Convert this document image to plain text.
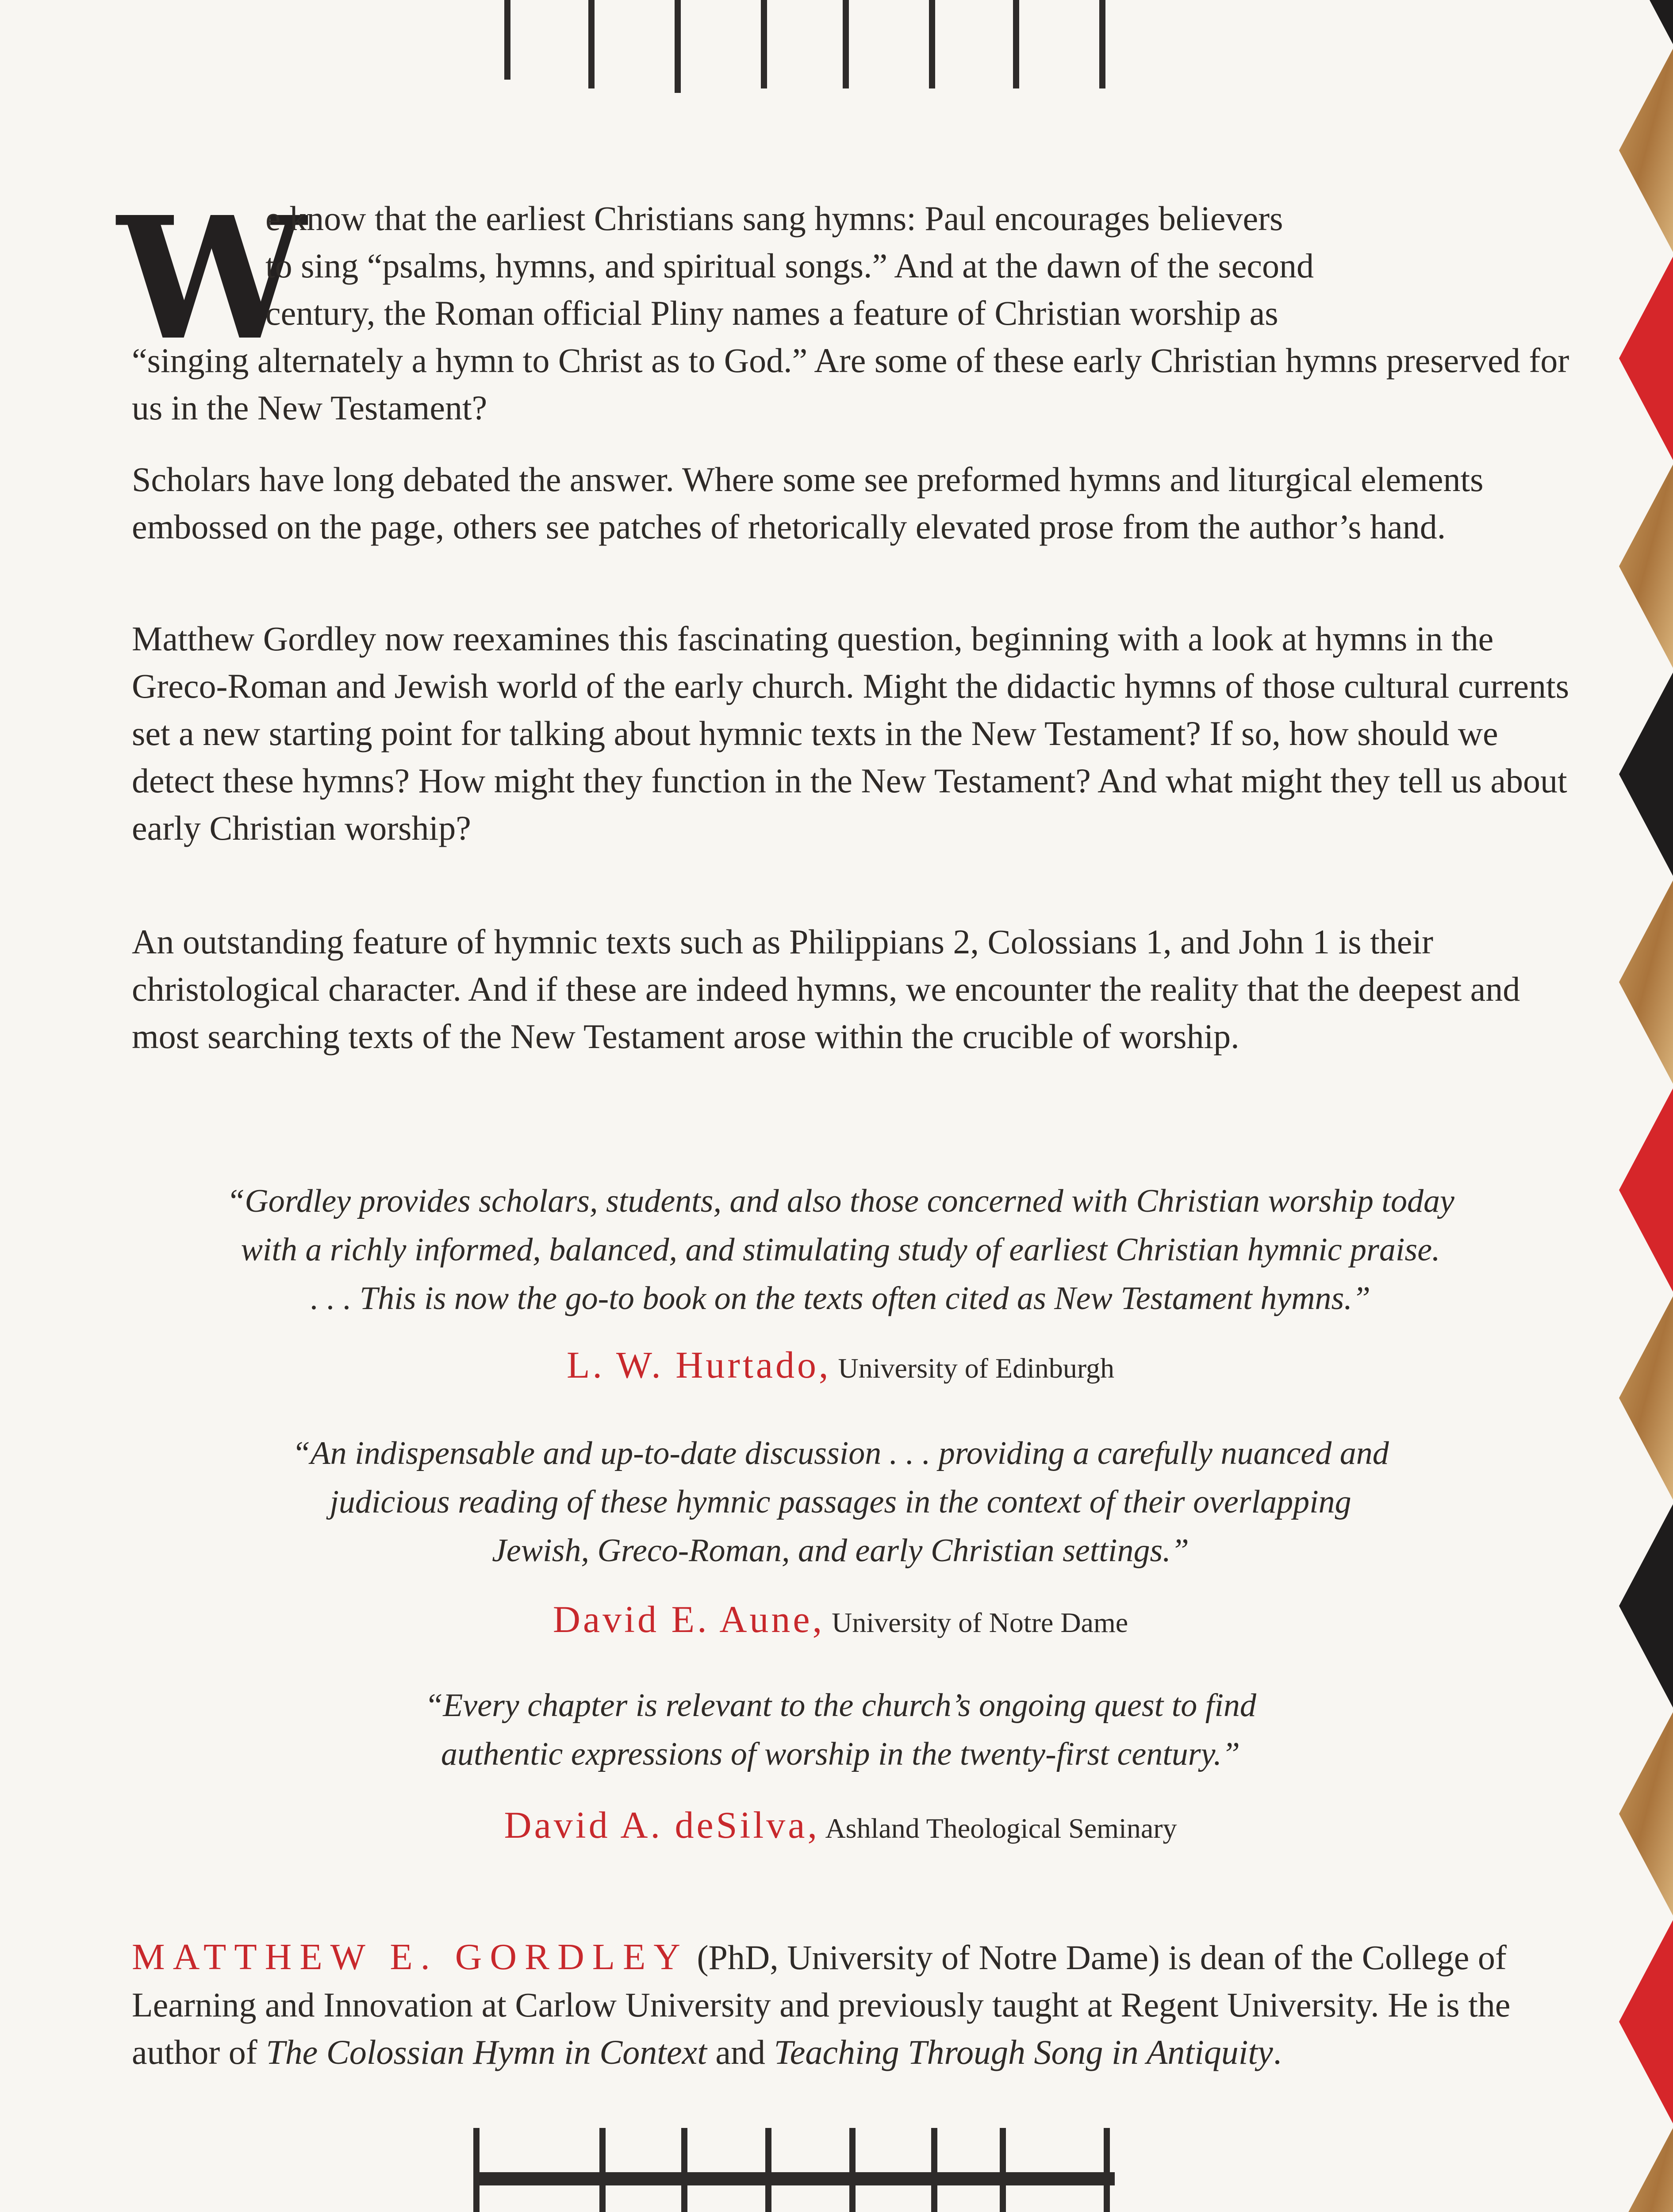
W

e know that the earliest Christians sang hymns: Paul encourages believers

to sing “psalms, hymns, and spiritual songs.” And at the dawn of the second

century, the Roman official Pliny names a feature of Christian worship as

“singing alternately a hymn to Christ as to God.” Are some of these early Christian hymns preserved for us in the New Testament?

Scholars have long debated the answer. Where some see preformed hymns and liturgical elements embossed on the page, others see patches of rhetorically elevated prose from the author’s hand.

Matthew Gordley now reexamines this fascinating question, beginning with a look at hymns in the Greco-Roman and Jewish world of the early church. Might the didactic hymns of those cultural currents set a new starting point for talking about hymnic texts in the New Testament? If so, how should we detect these hymns? How might they function in the New Testament? And what might they tell us about early Christian worship?

An outstanding feature of hymnic texts such as Philippians 2, Colossians 1, and John 1 is their christological character. And if these are indeed hymns, we encounter the reality that the deepest and most searching texts of the New Testament arose within the crucible of worship.

“Gordley provides scholars, students, and also those concerned with Christian worship today

with a richly informed, balanced, and stimulating study of earliest Christian hymnic praise.

. . . This is now the go-to book on the texts often cited as New Testament hymns.”

L. W. Hurtado, University of Edinburgh

“An indispensable and up-to-date discussion . . . providing a carefully nuanced and

judicious reading of these hymnic passages in the context of their overlapping

Jewish, Greco-Roman, and early Christian settings.”

David E. Aune, University of Notre Dame

“Every chapter is relevant to the church’s ongoing quest to find

authentic expressions of worship in the twenty-first century.”

David A. deSilva, Ashland Theological Seminary

MATTHEW E. GORDLEY (PhD, University of Notre Dame) is dean of the College of Learning and Innovation at Carlow University and previously taught at Regent University. He is the author of The Colossian Hymn in Context and Teaching Through Song in Antiquity.
